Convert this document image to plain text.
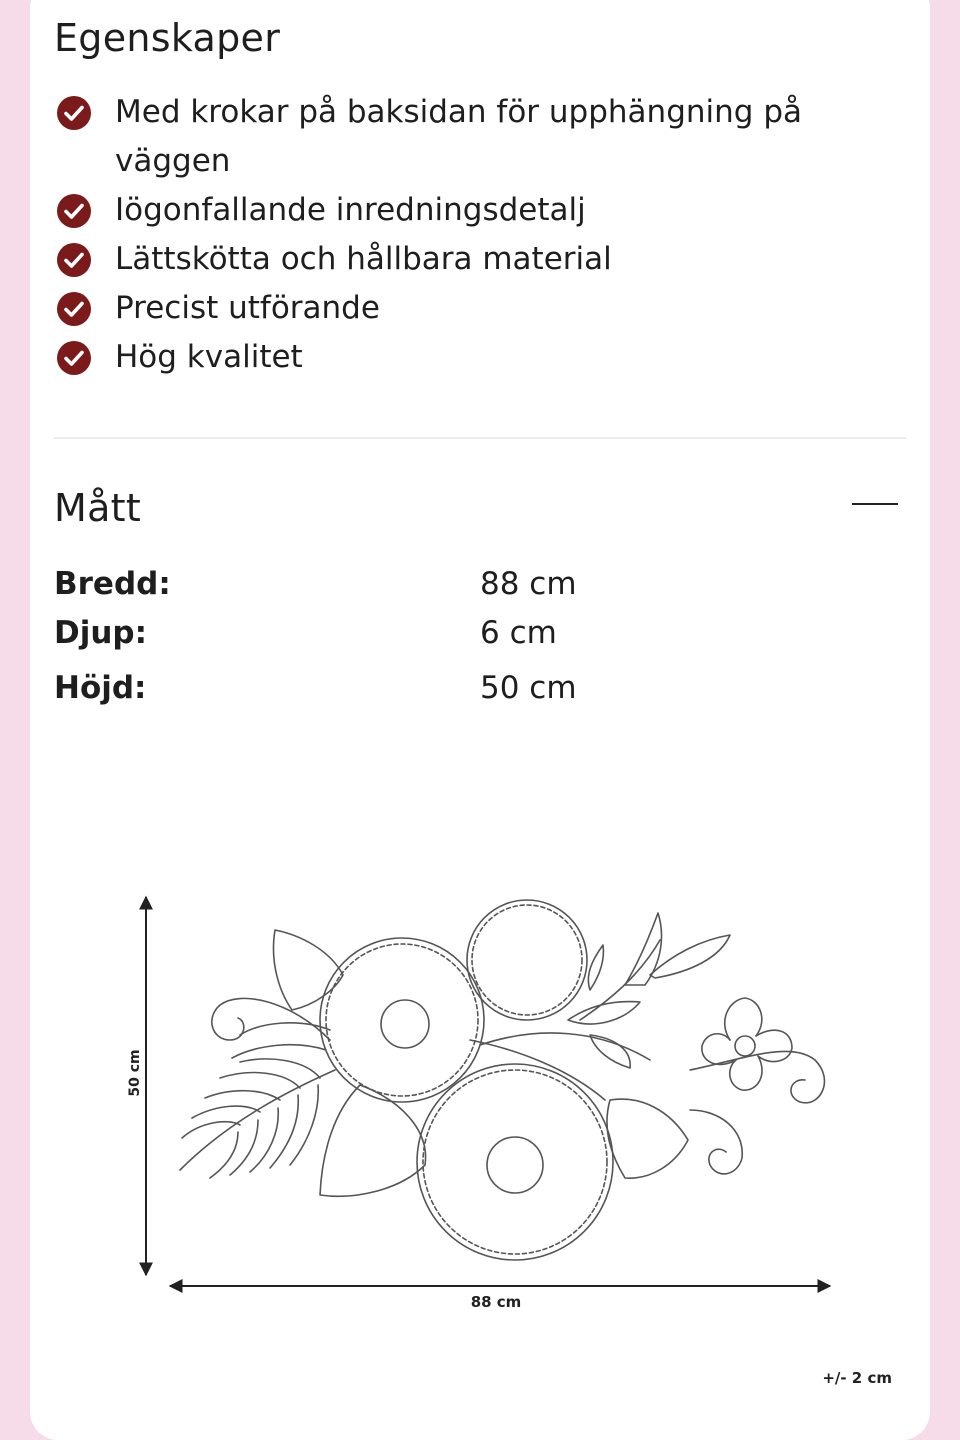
Egenskaper
Med krokar på baksidan för upphängning på väggen
Iögonfallande inredningsdetalj
Lättskötta och hållbara material
Precist utförande
Hög kvalitet
Mått
Bredd:	88 cm
Djup:	6 cm
Höjd:	50 cm
50 cm
88 cm
+/- 2 cm
